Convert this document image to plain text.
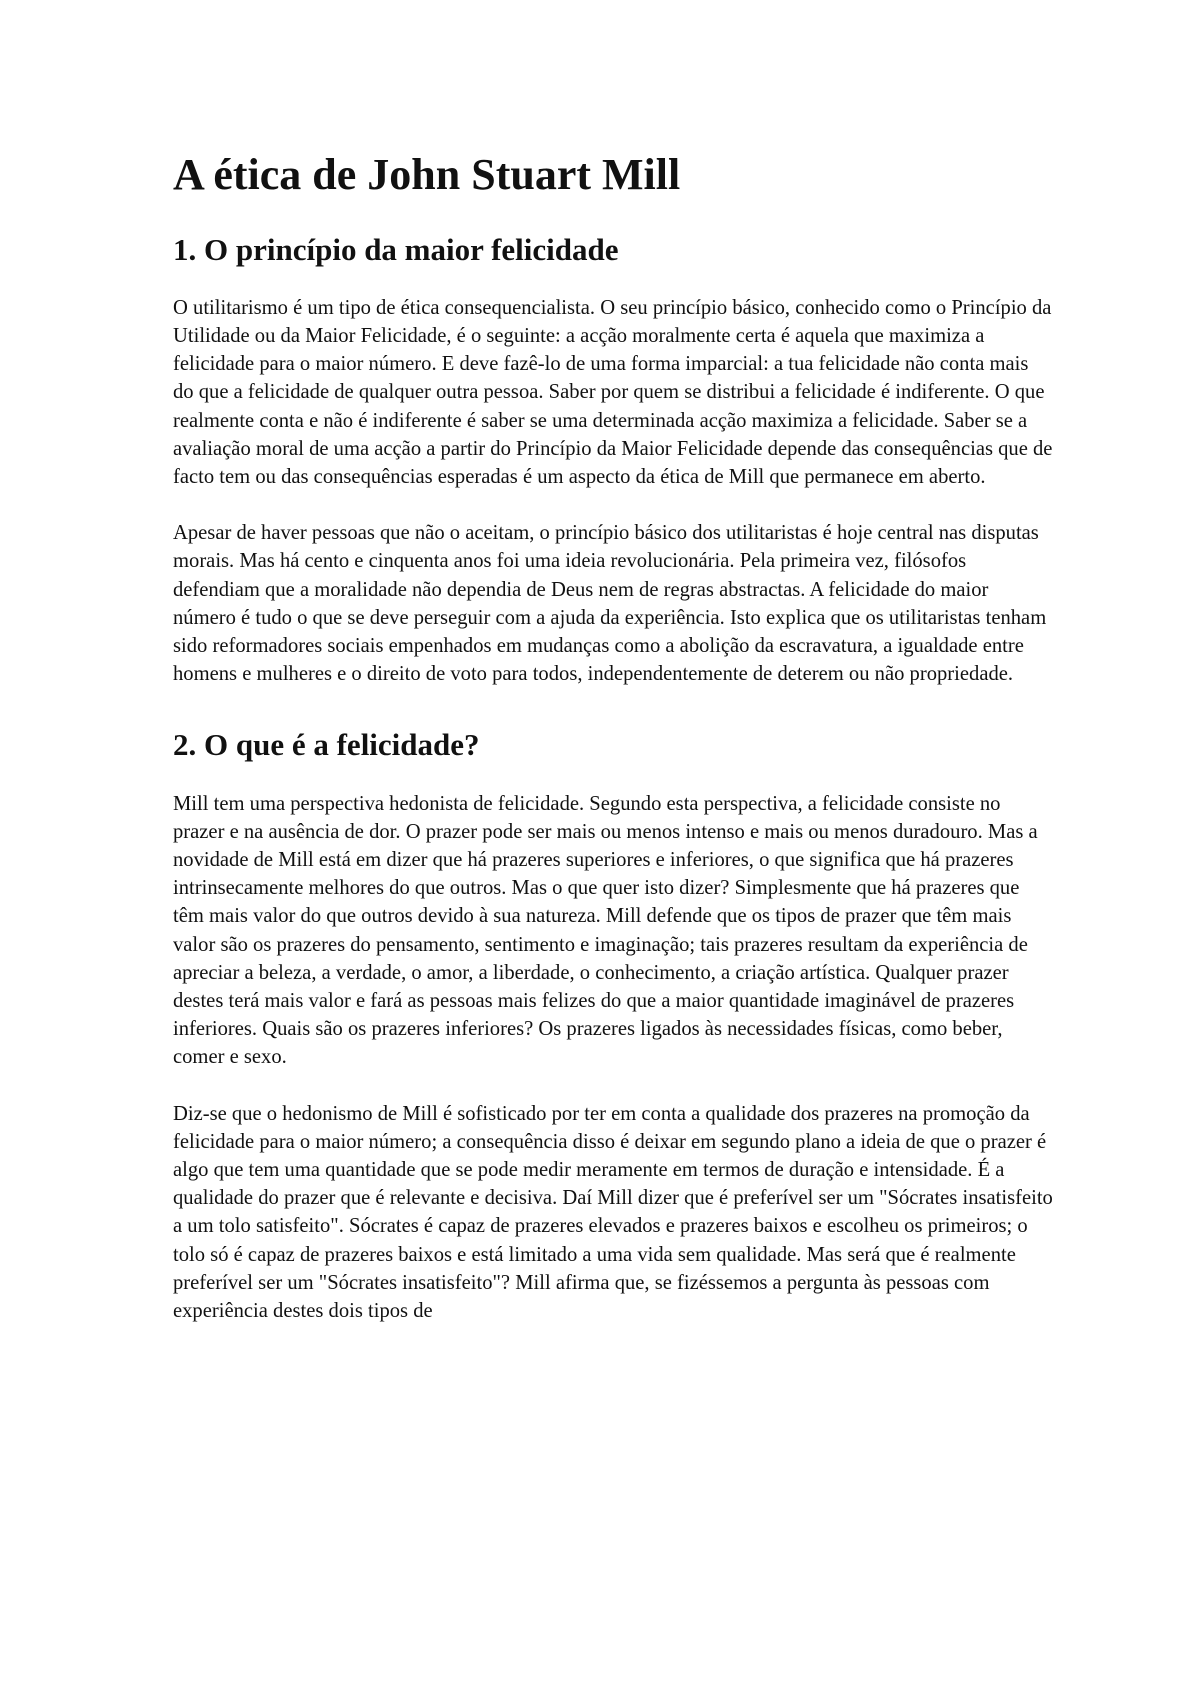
A ética de John Stuart Mill
1. O princípio da maior felicidade

O utilitarismo é um tipo de ética consequencialista. O seu princípio básico, conhecido como o Princípio da Utilidade ou da Maior Felicidade, é o seguinte: a acção moralmente certa é aquela que maximiza a felicidade para o maior número. E deve fazê-lo de uma forma imparcial: a tua felicidade não conta mais do que a felicidade de qualquer outra pessoa. Saber por quem se distribui a felicidade é indiferente. O que realmente conta e não é indiferente é saber se uma determinada acção maximiza a felicidade. Saber se a avaliação moral de uma acção a partir do Princípio da Maior Felicidade depende das consequências que de facto tem ou das consequências esperadas é um aspecto da ética de Mill que permanece em aberto.

Apesar de haver pessoas que não o aceitam, o princípio básico dos utilitaristas é hoje central nas disputas morais. Mas há cento e cinquenta anos foi uma ideia revolucionária. Pela primeira vez, filósofos defendiam que a moralidade não dependia de Deus nem de regras abstractas. A felicidade do maior número é tudo o que se deve perseguir com a ajuda da experiência. Isto explica que os utilitaristas tenham sido reformadores sociais empenhados em mudanças como a abolição da escravatura, a igualdade entre homens e mulheres e o direito de voto para todos, independentemente de deterem ou não propriedade.

2. O que é a felicidade?

Mill tem uma perspectiva hedonista de felicidade. Segundo esta perspectiva, a felicidade consiste no prazer e na ausência de dor. O prazer pode ser mais ou menos intenso e mais ou menos duradouro. Mas a novidade de Mill está em dizer que há prazeres superiores e inferiores, o que significa que há prazeres intrinsecamente melhores do que outros. Mas o que quer isto dizer? Simplesmente que há prazeres que têm mais valor do que outros devido à sua natureza. Mill defende que os tipos de prazer que têm mais valor são os prazeres do pensamento, sentimento e imaginação; tais prazeres resultam da experiência de apreciar a beleza, a verdade, o amor, a liberdade, o conhecimento, a criação artística. Qualquer prazer destes terá mais valor e fará as pessoas mais felizes do que a maior quantidade imaginável de prazeres inferiores. Quais são os prazeres inferiores? Os prazeres ligados às necessidades físicas, como beber, comer e sexo.

Diz-se que o hedonismo de Mill é sofisticado por ter em conta a qualidade dos prazeres na promoção da felicidade para o maior número; a consequência disso é deixar em segundo plano a ideia de que o prazer é algo que tem uma quantidade que se pode medir meramente em termos de duração e intensidade. É a qualidade do prazer que é relevante e decisiva. Daí Mill dizer que é preferível ser um "Sócrates insatisfeito a um tolo satisfeito". Sócrates é capaz de prazeres elevados e prazeres baixos e escolheu os primeiros; o tolo só é capaz de prazeres baixos e está limitado a uma vida sem qualidade. Mas será que é realmente preferível ser um "Sócrates insatisfeito"? Mill afirma que, se fizéssemos a pergunta às pessoas com experiência destes dois tipos de
